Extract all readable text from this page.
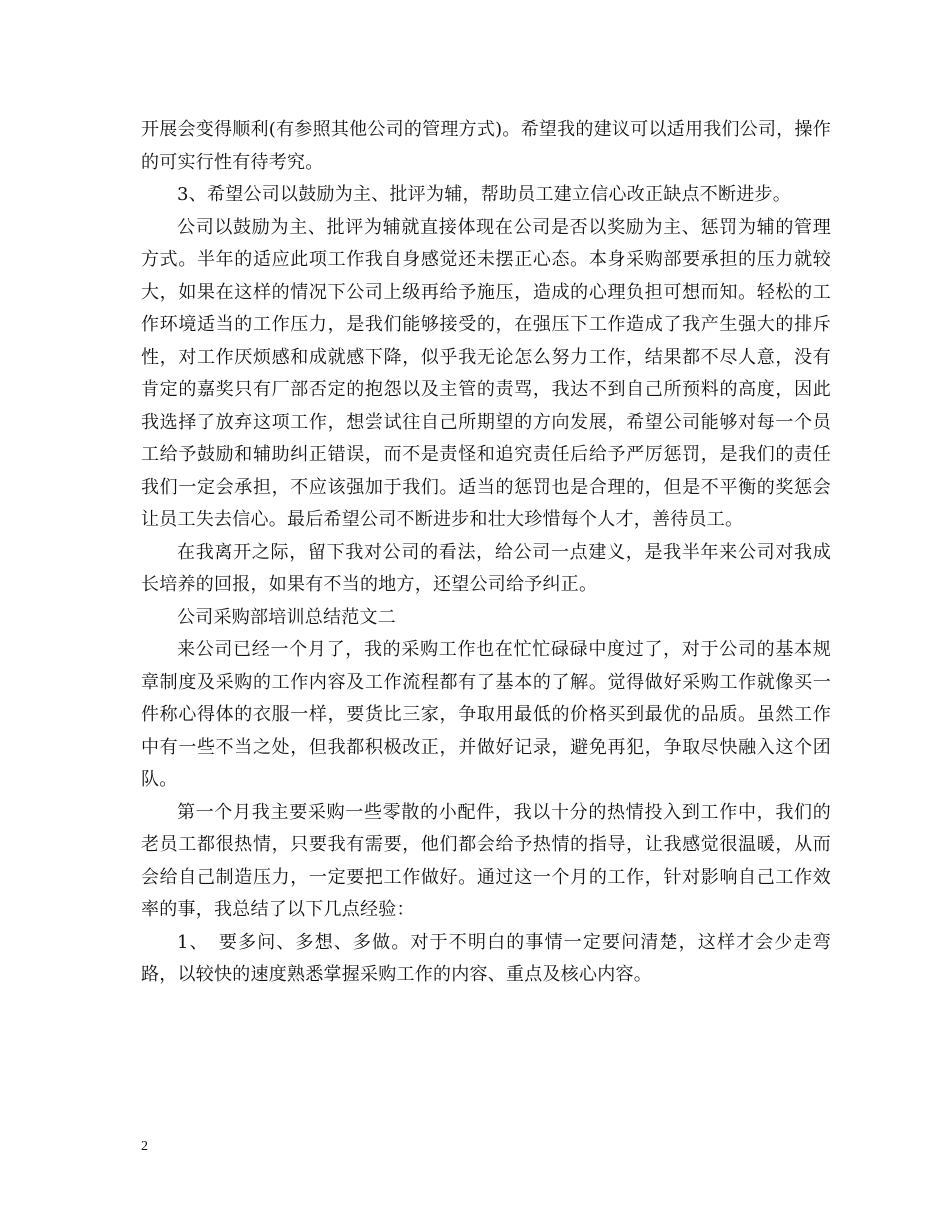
开展会变得顺利(有参照其他公司的管理方式)。希望我的建议可以适用我们公司，操作的可实行性有待考究。

3、希望公司以鼓励为主、批评为辅，帮助员工建立信心改正缺点不断进步。

公司以鼓励为主、批评为辅就直接体现在公司是否以奖励为主、惩罚为辅的管理方式。半年的适应此项工作我自身感觉还未摆正心态。本身采购部要承担的压力就较大，如果在这样的情况下公司上级再给予施压，造成的心理负担可想而知。轻松的工作环境适当的工作压力，是我们能够接受的，在强压下工作造成了我产生强大的排斥性，对工作厌烦感和成就感下降，似乎我无论怎么努力工作，结果都不尽人意，没有肯定的嘉奖只有厂部否定的抱怨以及主管的责骂，我达不到自己所预料的高度，因此我选择了放弃这项工作，想尝试往自己所期望的方向发展，希望公司能够对每一个员工给予鼓励和辅助纠正错误，而不是责怪和追究责任后给予严厉惩罚，是我们的责任我们一定会承担，不应该强加于我们。适当的惩罚也是合理的，但是不平衡的奖惩会让员工失去信心。最后希望公司不断进步和壮大珍惜每个人才，善待员工。

在我离开之际，留下我对公司的看法，给公司一点建义，是我半年来公司对我成长培养的回报，如果有不当的地方，还望公司给予纠正。

公司采购部培训总结范文二

来公司已经一个月了，我的采购工作也在忙忙碌碌中度过了，对于公司的基本规章制度及采购的工作内容及工作流程都有了基本的了解。觉得做好采购工作就像买一件称心得体的衣服一样，要货比三家，争取用最低的价格买到最优的品质。虽然工作中有一些不当之处，但我都积极改正，并做好记录，避免再犯，争取尽快融入这个团队。

第一个月我主要采购一些零散的小配件，我以十分的热情投入到工作中，我们的老员工都很热情，只要我有需要，他们都会给予热情的指导，让我感觉很温暖，从而会给自己制造压力，一定要把工作做好。通过这一个月的工作，针对影响自己工作效率的事，我总结了以下几点经验：

1、　要多问、多想、多做。对于不明白的事情一定要问清楚，这样才会少走弯路，以较快的速度熟悉掌握采购工作的内容、重点及核心内容。

2
